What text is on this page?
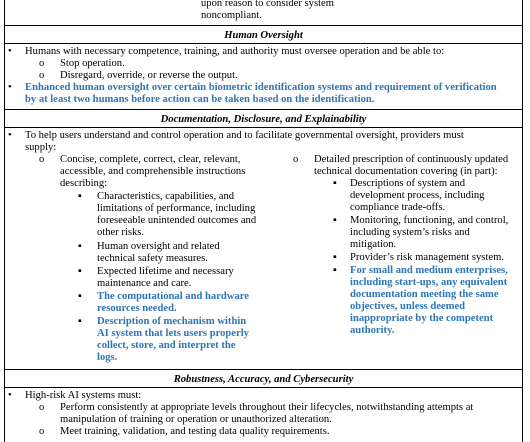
upon reason to consider system
noncompliant.
Human Oversight
• Humans with necessary competence, training, and authority must oversee operation and be able to:
o Stop operation.
o Disregard, override, or reverse the output.
• Enhanced human oversight over certain biometric identification systems and requirement of verification
by at least two humans before action can be taken based on the identification.
Documentation, Disclosure, and Explainability
• To help users understand and control operation and to facilitate governmental oversight, providers must
supply:
o Concise, complete, correct, clear, relevant,
accessible, and comprehensible instructions
describing:
▪ Characteristics, capabilities, and
limitations of performance, including
foreseeable unintended outcomes and
other risks.
▪ Human oversight and related
technical safety measures.
▪ Expected lifetime and necessary
maintenance and care.
▪ The computational and hardware
resources needed.
▪ Description of mechanism within
AI system that lets users properly
collect, store, and interpret the
logs.
o Detailed prescription of continuously updated
technical documentation covering (in part):
▪ Descriptions of system and
development process, including
compliance trade-offs.
▪ Monitoring, functioning, and control,
including system’s risks and
mitigation.
▪ Provider’s risk management system.
▪ For small and medium enterprises,
including start-ups, any equivalent
documentation meeting the same
objectives, unless deemed
inappropriate by the competent
authority.
Robustness, Accuracy, and Cybersecurity
• High-risk AI systems must:
o Perform consistently at appropriate levels throughout their lifecycles, notwithstanding attempts at
manipulation of training or operation or unauthorized alteration.
o Meet training, validation, and testing data quality requirements.
